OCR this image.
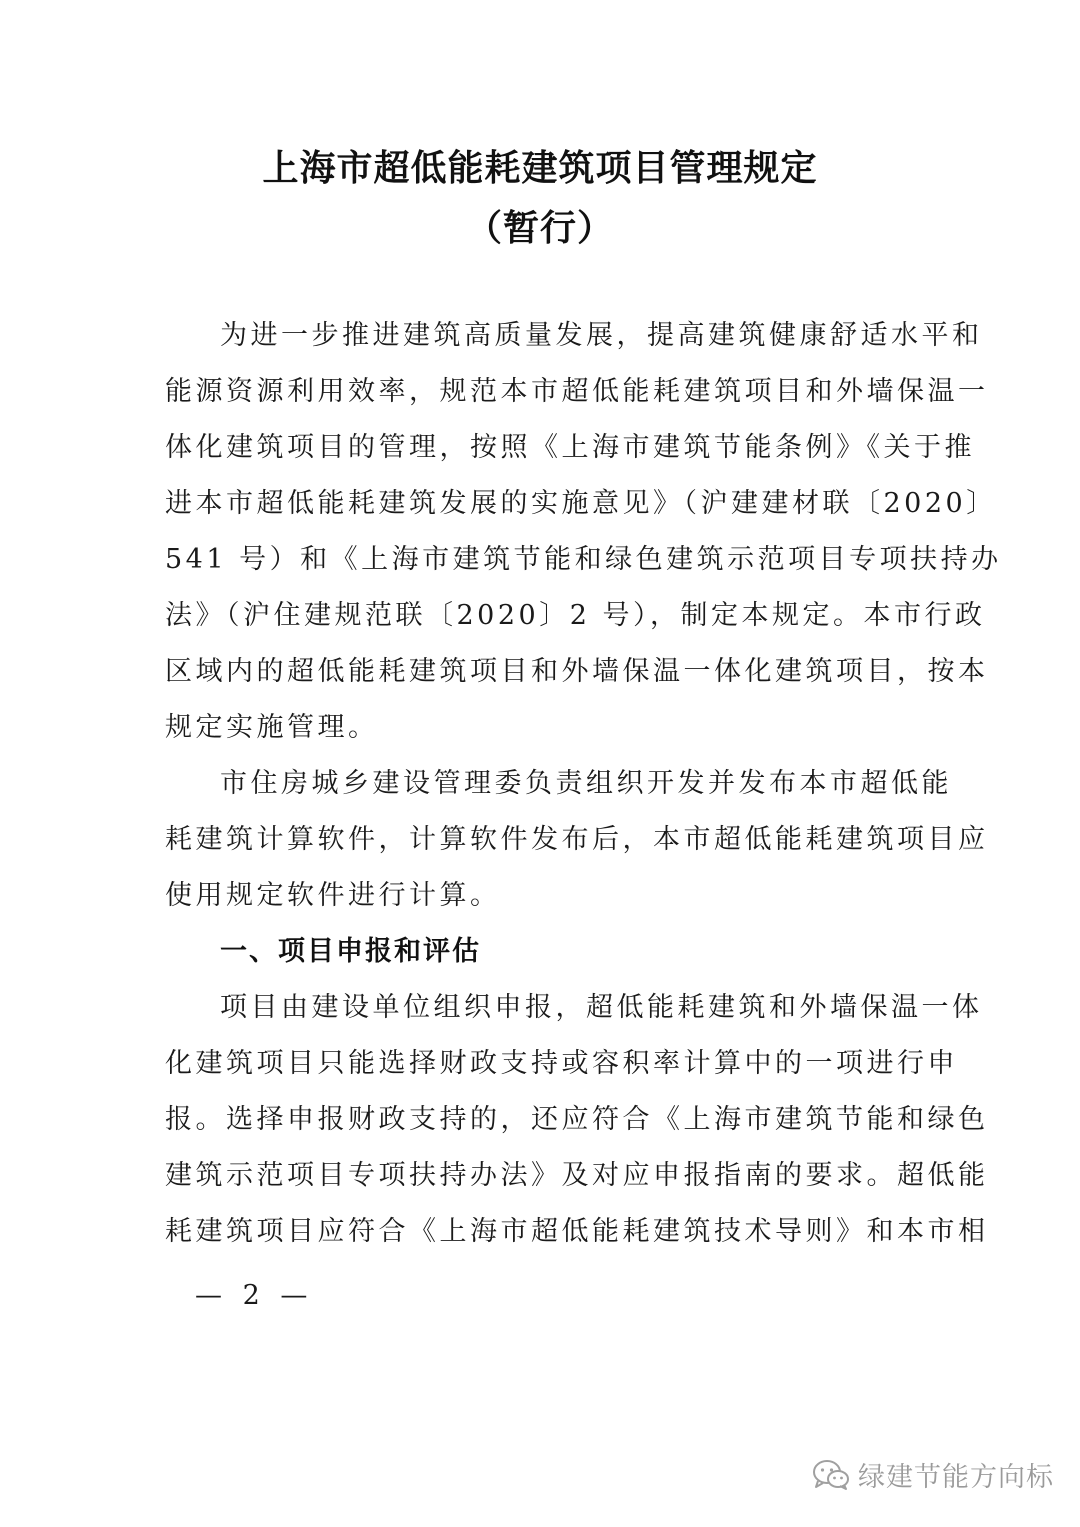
上海市超低能耗建筑项目管理规定
（暂行）
为进一步推进建筑高质量发展，提高建筑健康舒适水平和
能源资源利用效率，规范本市超低能耗建筑项目和外墙保温一
体化建筑项目的管理，按照《上海市建筑节能条例》《关于推
进本市超低能耗建筑发展的实施意见》（沪建建材联〔2020〕
541 号）和《上海市建筑节能和绿色建筑示范项目专项扶持办
法》（沪住建规范联〔2020〕2 号），制定本规定。本市行政
区域内的超低能耗建筑项目和外墙保温一体化建筑项目，按本
规定实施管理。
市住房城乡建设管理委负责组织开发并发布本市超低能
耗建筑计算软件，计算软件发布后，本市超低能耗建筑项目应
使用规定软件进行计算。
一、项目申报和评估
项目由建设单位组织申报，超低能耗建筑和外墙保温一体
化建筑项目只能选择财政支持或容积率计算中的一项进行申
报。选择申报财政支持的，还应符合《上海市建筑节能和绿色
建筑示范项目专项扶持办法》及对应申报指南的要求。超低能
耗建筑项目应符合《上海市超低能耗建筑技术导则》和本市相
— 2 —
绿建节能方向标
